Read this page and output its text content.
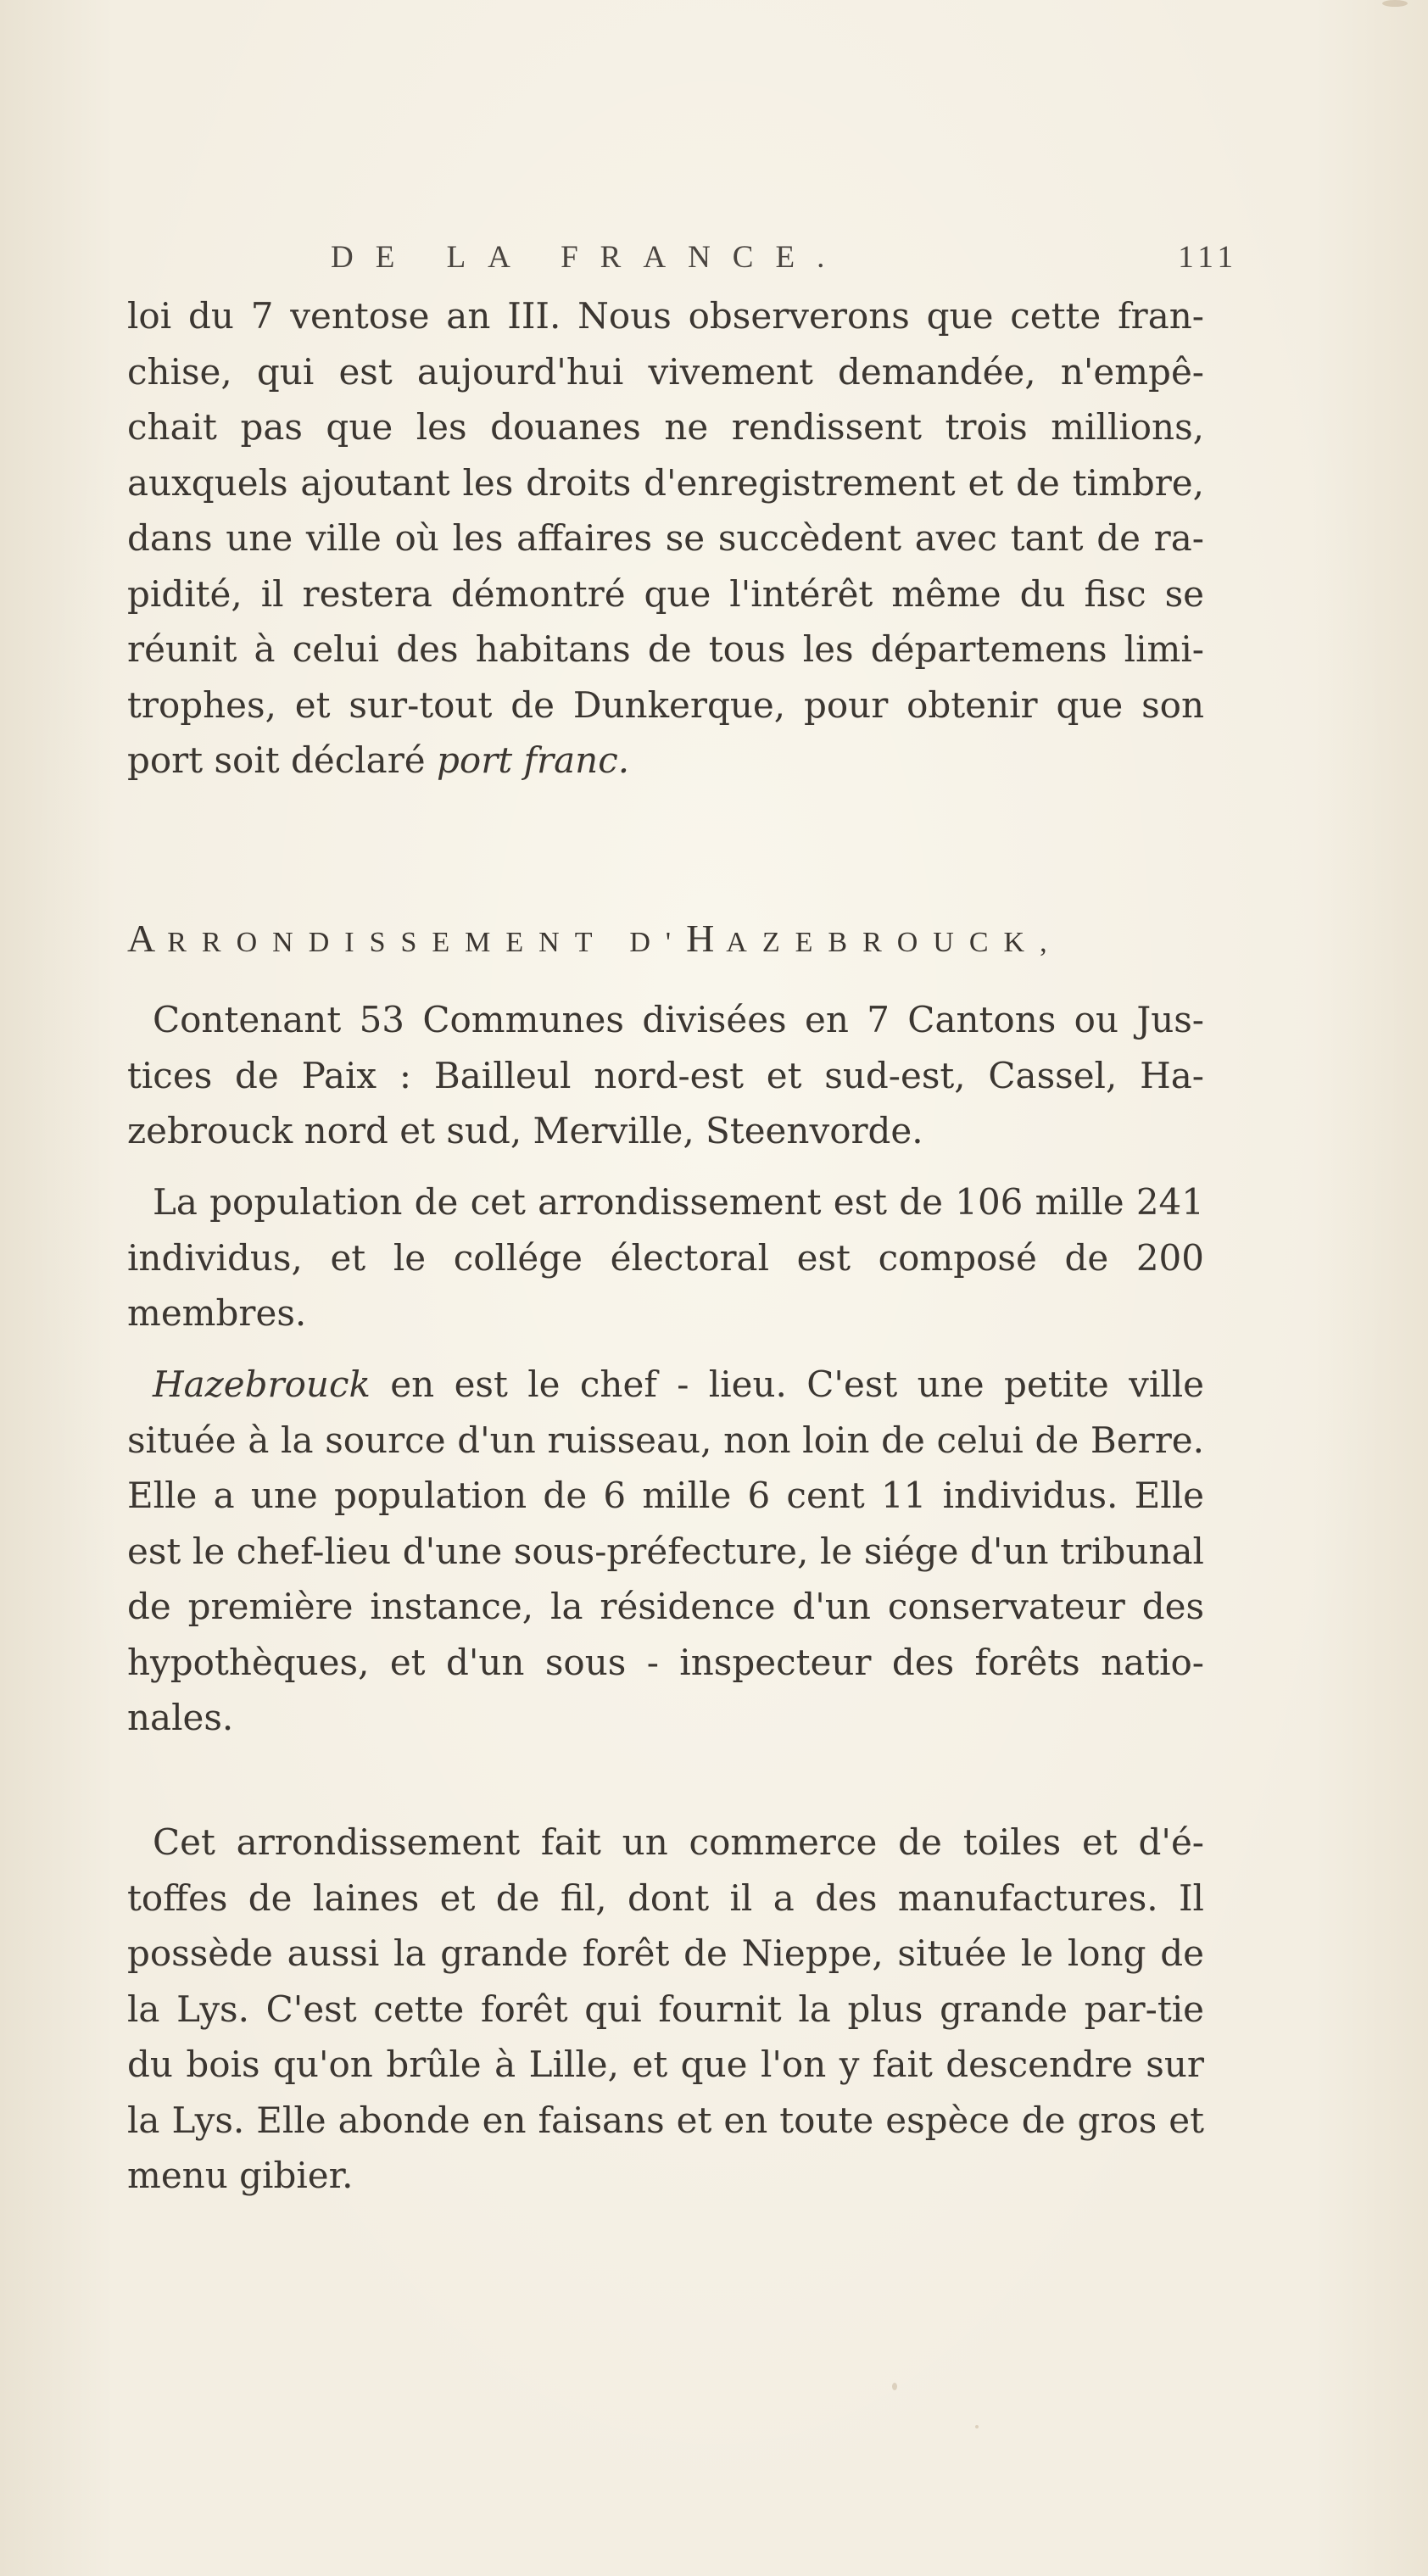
DE LA FRANCE.	111

loi du 7 ventose an III. Nous observerons que cette fran-chise, qui est aujourd'hui vivement demandée, n'empê-chait pas que les douanes ne rendissent trois millions, auxquels ajoutant les droits d'enregistrement et de timbre, dans une ville où les affaires se succèdent avec tant de ra-pidité, il restera démontré que l'intérêt même du fisc se réunit à celui des habitans de tous les départemens limi-trophes, et sur-tout de Dunkerque, pour obtenir que son port soit déclaré port franc.

ARRONDISSEMENT D'HAZEBROUCK,

Contenant 53 Communes divisées en 7 Cantons ou Jus-tices de Paix : Bailleul nord-est et sud-est, Cassel, Ha-zebrouck nord et sud, Merville, Steenvorde.

La population de cet arrondissement est de 106 mille 241 individus, et le collége électoral est composé de 200 membres.

Hazebrouck en est le chef - lieu. C'est une petite ville située à la source d'un ruisseau, non loin de celui de Berre. Elle a une population de 6 mille 6 cent 11 individus. Elle est le chef-lieu d'une sous-préfecture, le siége d'un tribunal de première instance, la résidence d'un conservateur des hypothèques, et d'un sous - inspecteur des forêts natio-nales.

Cet arrondissement fait un commerce de toiles et d'é-toffes de laines et de fil, dont il a des manufactures. Il possède aussi la grande forêt de Nieppe, située le long de la Lys. C'est cette forêt qui fournit la plus grande par-tie du bois qu'on brûle à Lille, et que l'on y fait descendre sur la Lys. Elle abonde en faisans et en toute espèce de gros et menu gibier.
